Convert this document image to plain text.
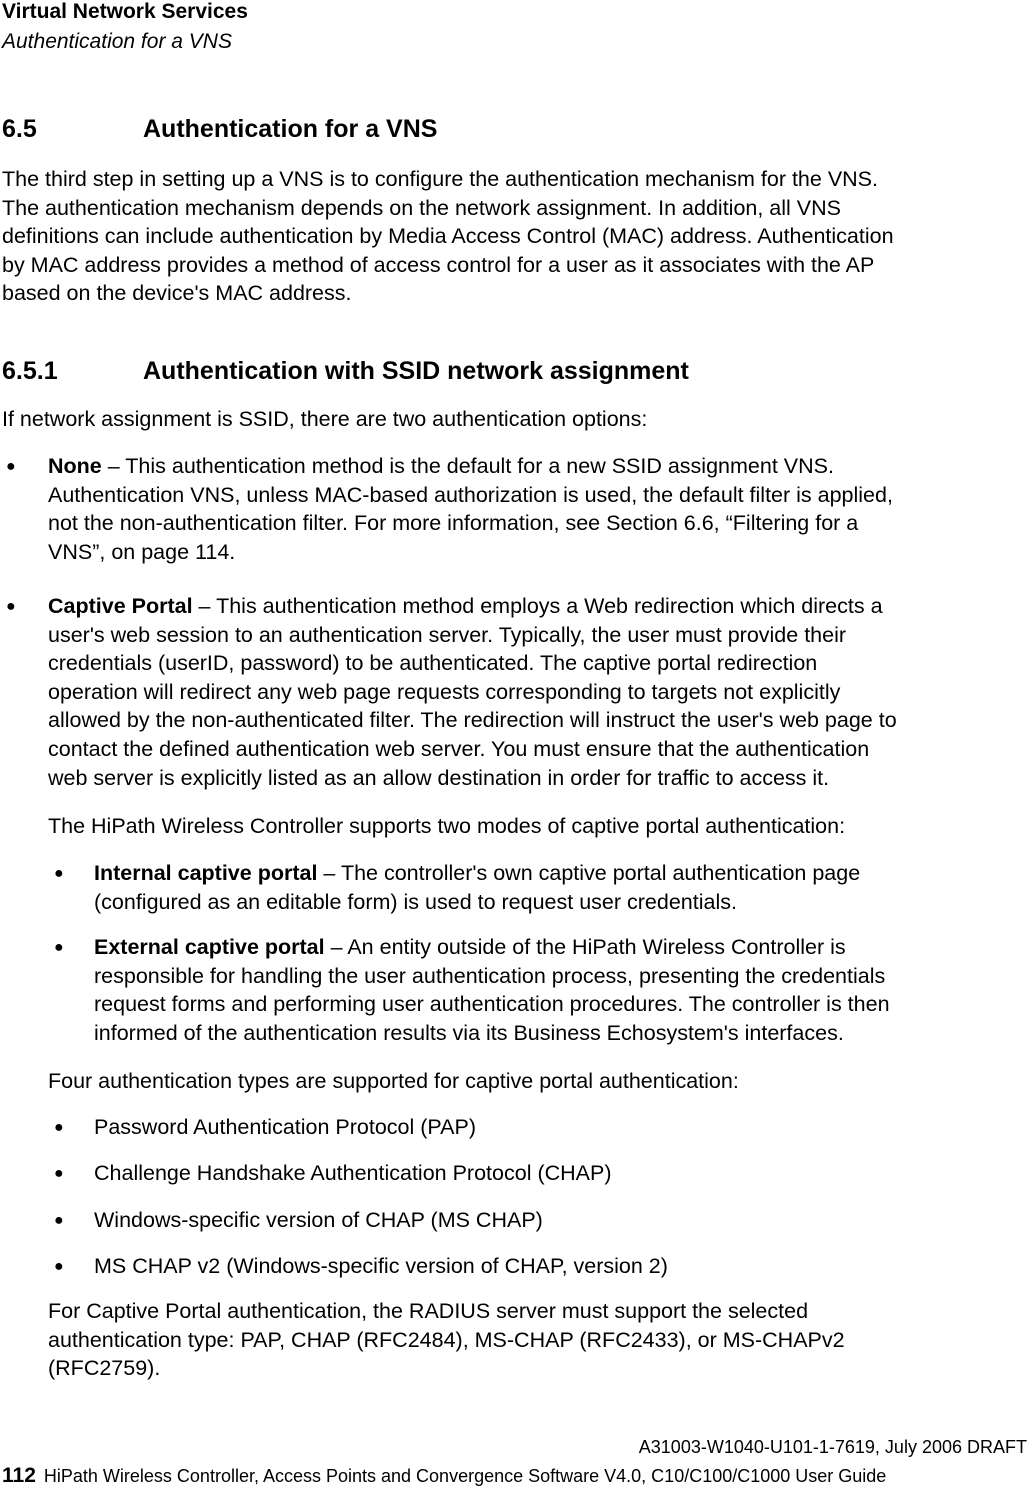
Virtual Network Services
Authentication for a VNS
6.5	Authentication for a VNS

The third step in setting up a VNS is to configure the authentication mechanism for the VNS.

The authentication mechanism depends on the network assignment. In addition, all VNS

definitions can include authentication by Media Access Control (MAC) address. Authentication

by MAC address provides a method of access control for a user as it associates with the AP

based on the device's MAC address.

6.5.1	Authentication with SSID network assignment

If network assignment is SSID, there are two authentication options:

● None – This authentication method is the default for a new SSID assignment VNS.

Authentication VNS, unless MAC-based authorization is used, the default filter is applied,

not the non-authentication filter. For more information, see Section 6.6, “Filtering for a

VNS”, on page 114.

● Captive Portal – This authentication method employs a Web redirection which directs a

user's web session to an authentication server. Typically, the user must provide their

credentials (userID, password) to be authenticated. The captive portal redirection

operation will redirect any web page requests corresponding to targets not explicitly

allowed by the non-authenticated filter. The redirection will instruct the user's web page to

contact the defined authentication web server. You must ensure that the authentication

web server is explicitly listed as an allow destination in order for traffic to access it.

The HiPath Wireless Controller supports two modes of captive portal authentication:

● Internal captive portal – The controller's own captive portal authentication page

(configured as an editable form) is used to request user credentials.

● External captive portal – An entity outside of the HiPath Wireless Controller is

responsible for handling the user authentication process, presenting the credentials

request forms and performing user authentication procedures. The controller is then

informed of the authentication results via its Business Echosystem's interfaces.

Four authentication types are supported for captive portal authentication:

● Password Authentication Protocol (PAP)

● Challenge Handshake Authentication Protocol (CHAP)

● Windows-specific version of CHAP (MS CHAP)

● MS CHAP v2 (Windows-specific version of CHAP, version 2)

For Captive Portal authentication, the RADIUS server must support the selected

authentication type: PAP, CHAP (RFC2484), MS-CHAP (RFC2433), or MS-CHAPv2

(RFC2759).

A31003-W1040-U101-1-7619, July 2006 DRAFT
112 HiPath Wireless Controller, Access Points and Convergence Software V4.0, C10/C100/C1000 User Guide
